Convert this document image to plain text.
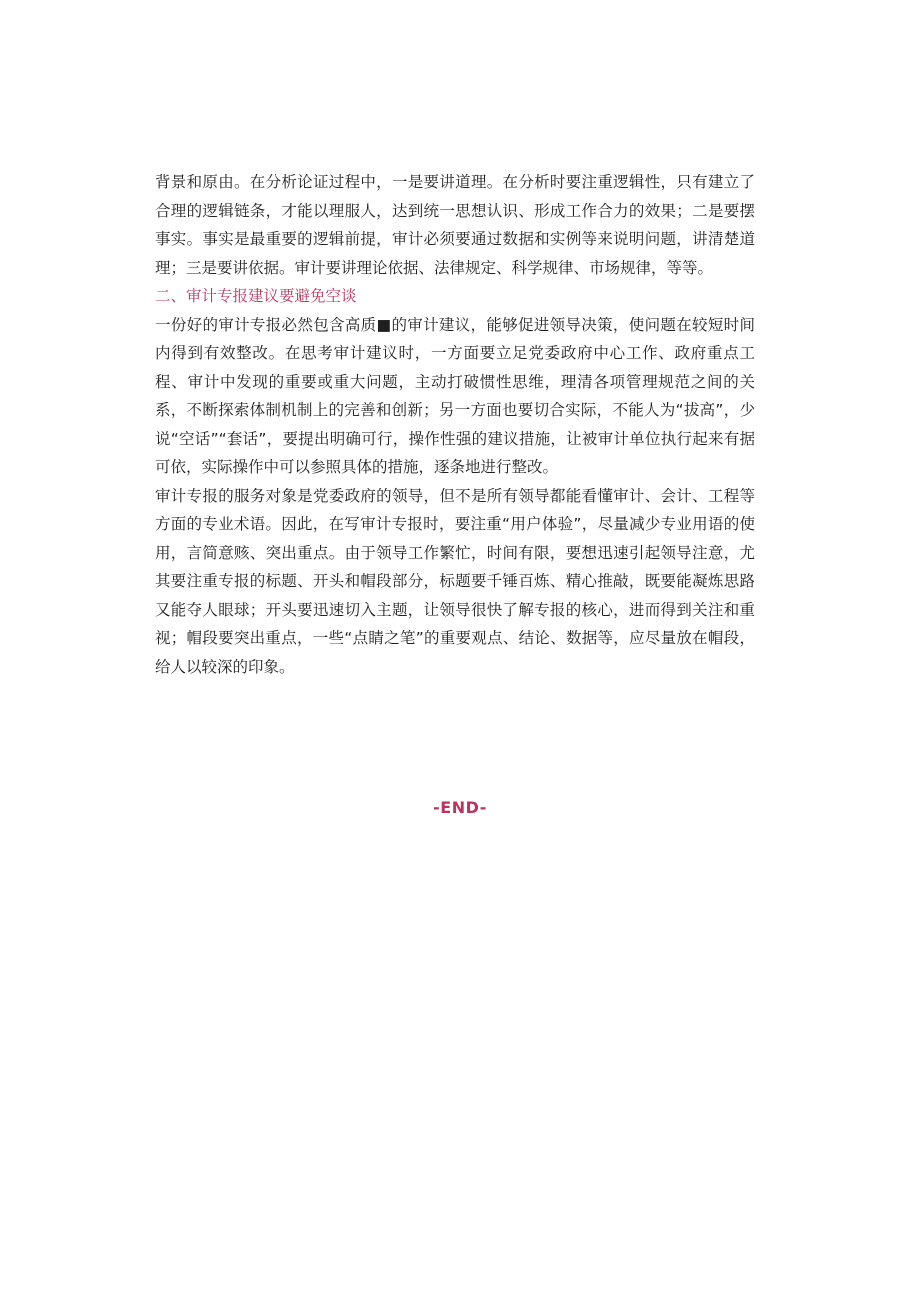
背景和原由。在分析论证过程中，一是要讲道理。在分析时要注重逻辑性，只有建立了合理的逻辑链条，才能以理服人，达到统一思想认识、形成工作合力的效果；二是要摆事实。事实是最重要的逻辑前提，审计必须要通过数据和实例等来说明问题，讲清楚道理；三是要讲依据。审计要讲理论依据、法律规定、科学规律、市场规律，等等。

二、审计专报建议要避免空谈

一份好的审计专报必然包含高质■的审计建议，能够促进领导决策，使问题在较短时间内得到有效整改。在思考审计建议时，一方面要立足党委政府中心工作、政府重点工程、审计中发现的重要或重大问题，主动打破惯性思维，理清各项管理规范之间的关系，不断探索体制机制上的完善和创新；另一方面也要切合实际，不能人为“拔高”，少说“空话”“套话”，要提出明确可行，操作性强的建议措施，让被审计单位执行起来有据可依，实际操作中可以参照具体的措施，逐条地进行整改。

审计专报的服务对象是党委政府的领导，但不是所有领导都能看懂审计、会计、工程等方面的专业术语。因此，在写审计专报时，要注重“用户体验”，尽量减少专业用语的使用，言简意赅、突出重点。由于领导工作繁忙，时间有限，要想迅速引起领导注意，尤其要注重专报的标题、开头和帽段部分，标题要千锤百炼、精心推敲，既要能凝炼思路又能夺人眼球；开头要迅速切入主题，让领导很快了解专报的核心，进而得到关注和重视；帽段要突出重点，一些“点睛之笔”的重要观点、结论、数据等，应尽量放在帽段，给人以较深的印象。

-END-
